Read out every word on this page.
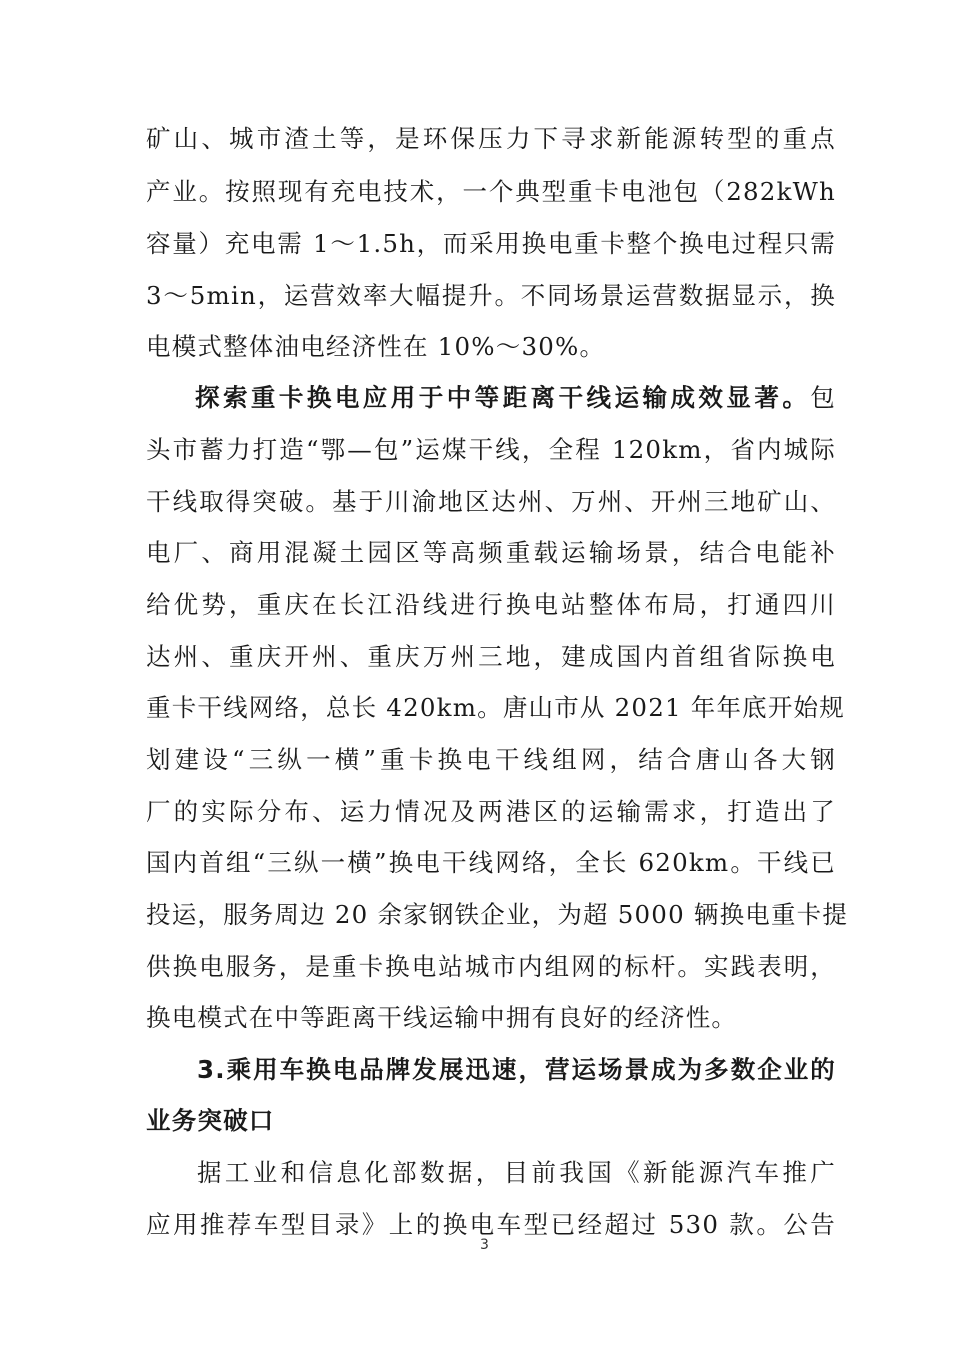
矿山、城市渣土等，是环保压力下寻求新能源转型的重点
产业。按照现有充电技术，一个典型重卡电池包（282kWh
容量）充电需 1～1.5h，而采用换电重卡整个换电过程只需
3～5min，运营效率大幅提升。不同场景运营数据显示，换
电模式整体油电经济性在 10%～30%。
探索重卡换电应用于中等距离干线运输成效显著。包
头市蓄力打造“鄂—包”运煤干线，全程 120km，省内城际
干线取得突破。基于川渝地区达州、万州、开州三地矿山、
电厂、商用混凝土园区等高频重载运输场景，结合电能补
给优势，重庆在长江沿线进行换电站整体布局，打通四川
达州、重庆开州、重庆万州三地，建成国内首组省际换电
重卡干线网络，总长 420km。唐山市从 2021 年年底开始规
划建设“三纵一横”重卡换电干线组网，结合唐山各大钢
厂的实际分布、运力情况及两港区的运输需求，打造出了
国内首组“三纵一横”换电干线网络，全长 620km。干线已
投运，服务周边 20 余家钢铁企业，为超 5000 辆换电重卡提
供换电服务，是重卡换电站城市内组网的标杆。实践表明，
换电模式在中等距离干线运输中拥有良好的经济性。
3.乘用车换电品牌发展迅速，营运场景成为多数企业的
业务突破口
据工业和信息化部数据，目前我国《新能源汽车推广
应用推荐车型目录》上的换电车型已经超过 530 款。公告
3
